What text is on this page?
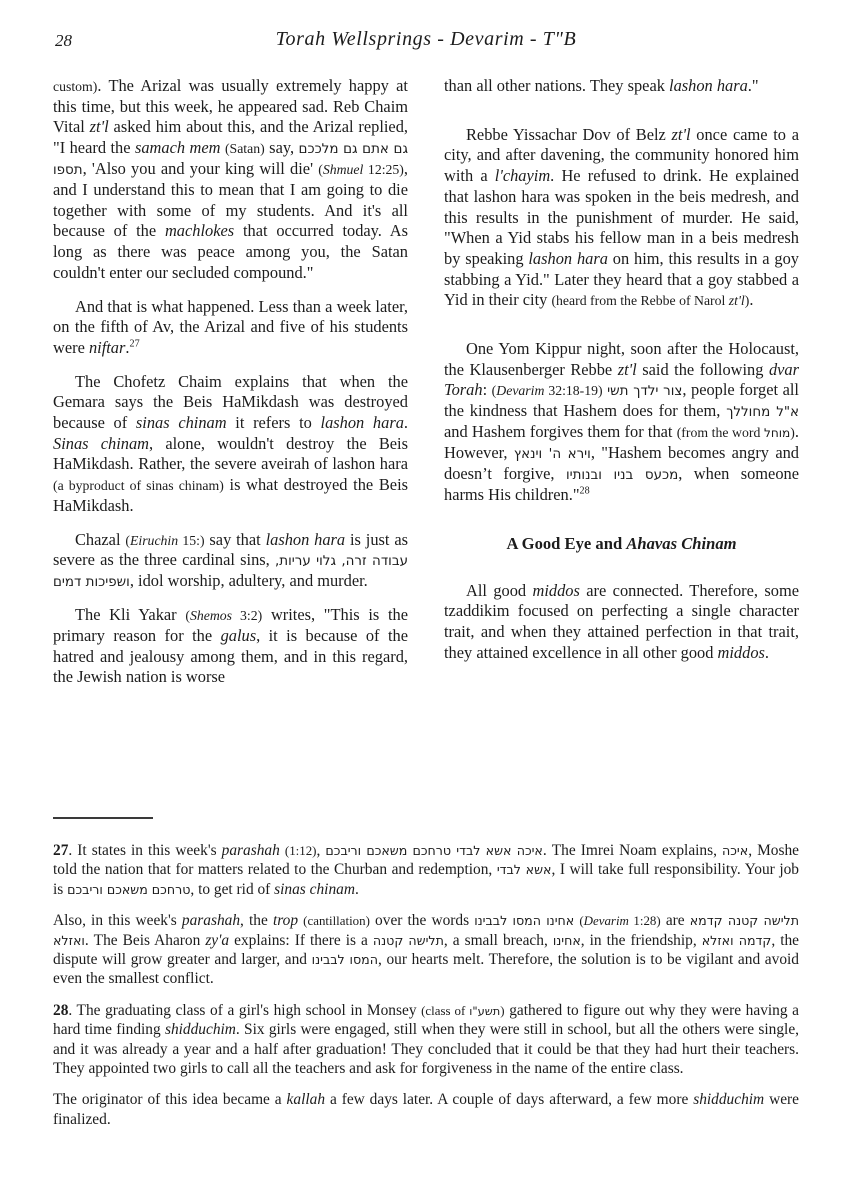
28	Torah Wellsprings - Devarim - T"B

custom). The Arizal was usually extremely happy at this time, but this week, he appeared sad. Reb Chaim Vital zt'l asked him about this, and the Arizal replied, "I heard the samach mem (Satan) say, גם אתם גם מלככם תספו, 'Also you and your king will die' (Shmuel 12:25), and I understand this to mean that I am going to die together with some of my students. And it's all because of the machlokes that occurred today. As long as there was peace among you, the Satan couldn't enter our secluded compound."

And that is what happened. Less than a week later, on the fifth of Av, the Arizal and five of his students were niftar.$^{27}$

The Chofetz Chaim explains that when the Gemara says the Beis HaMikdash was destroyed because of sinas chinam it refers to lashon hara. Sinas chinam, alone, wouldn't destroy the Beis HaMikdash. Rather, the severe aveirah of lashon hara (a byproduct of sinas chinam) is what destroyed the Beis HaMikdash.

Chazal (Eiruchin 15:) say that lashon hara is just as severe as the three cardinal sins, עבודה זרה, גלוי עריות, ושפיכות דמים, idol worship, adultery, and murder.

The Kli Yakar (Shemos 3:2) writes, "This is the primary reason for the galus, it is because of the hatred and jealousy among them, and in this regard, the Jewish nation is worse

than all other nations. They speak lashon hara."

Rebbe Yissachar Dov of Belz zt'l once came to a city, and after davening, the community honored him with a l'chayim. He refused to drink. He explained that lashon hara was spoken in the beis medresh, and this results in the punishment of murder. He said, "When a Yid stabs his fellow man in a beis medresh by speaking lashon hara on him, this results in a goy stabbing a Yid." Later they heard that a goy stabbed a Yid in their city (heard from the Rebbe of Narol zt'l).

One Yom Kippur night, soon after the Holocaust, the Klausenberger Rebbe zt'l said the following dvar Torah: (Devarim 32:18-19) צור ילדך תשי, people forget all the kindness that Hashem does for them, א"ל מחוללך and Hashem forgives them for that (from the word מוחל). However, וירא ה' וינאץ, "Hashem becomes angry and doesn’t forgive, מכעס בניו ובנותיו, when someone harms His children."$^{28}$

A Good Eye and Ahavas Chinam

All good middos are connected. Therefore, some tzaddikim focused on perfecting a single character trait, and when they attained perfection in that trait, they attained excellence in all other good middos.

27. It states in this week's parashah (1:12), איכה אשא לבדי טרחכם משאכם וריבכם. The Imrei Noam explains, איכה, Moshe told the nation that for matters related to the Churban and redemption, אשא לבדי, I will take full responsibility. Your job is טרחכם משאכם וריבכם, to get rid of sinas chinam.

Also, in this week's parashah, the trop (cantillation) over the words אחינו המסו לבבינו (Devarim 1:28) are תלישה קטנה קדמא ואזלא. The Beis Aharon zy'a explains: If there is a תלישה קטנה, a small breach, אחינו, in the friendship, קדמה ואזלא, the dispute will grow greater and larger, and המסו לבבינו, our hearts melt. Therefore, the solution is to be vigilant and avoid even the smallest conflict.

28. The graduating class of a girl's high school in Monsey (class of תשע"ו) gathered to figure out why they were having a hard time finding shidduchim. Six girls were engaged, still when they were still in school, but all the others were single, and it was already a year and a half after graduation! They concluded that it could be that they had hurt their teachers. They appointed two girls to call all the teachers and ask for forgiveness in the name of the entire class.

The originator of this idea became a kallah a few days later. A couple of days afterward, a few more shidduchim were finalized.
